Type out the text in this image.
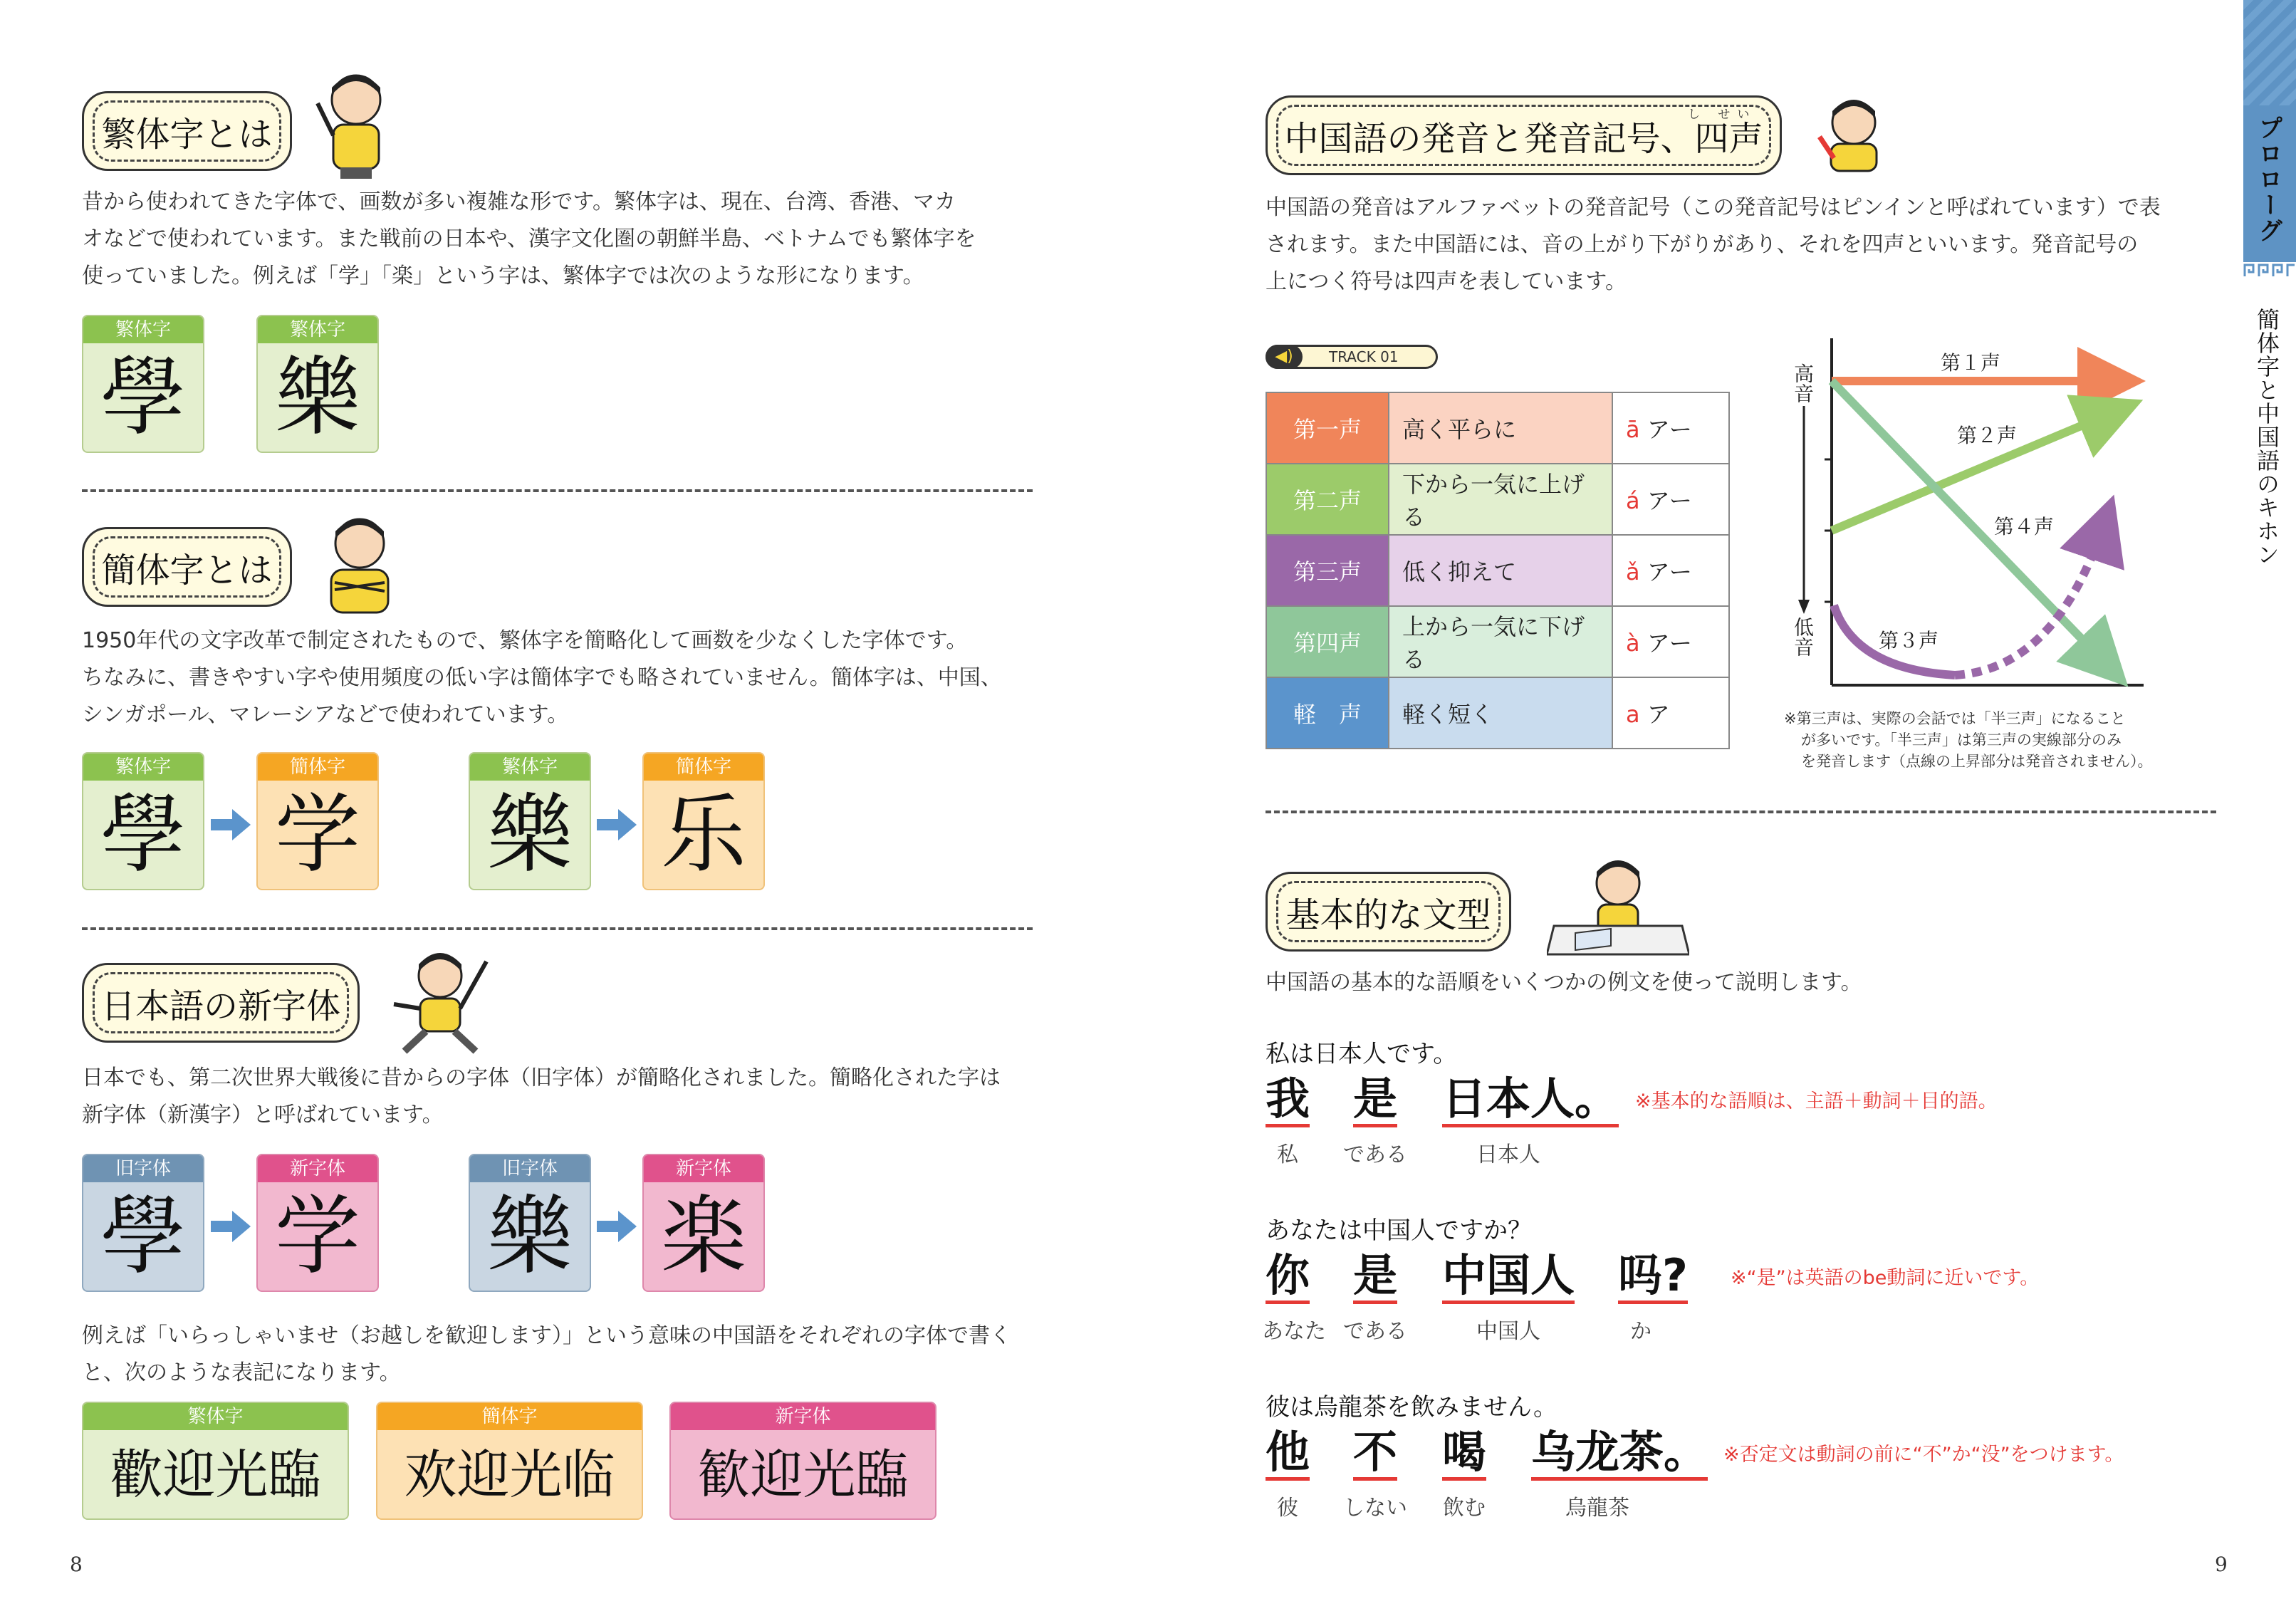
繁体字とは
昔から使われてきた字体で、画数が多い複雑な形です。繁体字は、現在、台湾、香港、マカ
オなどで使われています。また戦前の日本や、漢字文化圏の朝鮮半島、ベトナムでも繁体字を
使っていました。例えば「学」「楽」という字は、繁体字では次のような形になります。
繁体字
學
繁体字
樂
簡体字とは
1950年代の文字改革で制定されたもので、繁体字を簡略化して画数を少なくした字体です。
ちなみに、書きやすい字や使用頻度の低い字は簡体字でも略されていません。簡体字は、中国、
シンガポール、マレーシアなどで使われています。
繁体字
學
簡体字
学
繁体字
樂
簡体字
乐
日本語の新字体
日本でも、第二次世界大戦後に昔からの字体（旧字体）が簡略化されました。簡略化された字は
新字体（新漢字）と呼ばれています。
旧字体
學
新字体
学
旧字体
樂
新字体
楽
例えば「いらっしゃいませ（お越しを歓迎します）」という意味の中国語をそれぞれの字体で書く
と、次のような表記になります。
繁体字
歡迎光臨
簡体字
欢迎光临
新字体
歓迎光臨
8
中国語の発音と発音記号、四声
し せい
中国語の発音はアルファベットの発音記号（この発音記号はピンインと呼ばれています）で表
されます。また中国語には、音の上がり下がりがあり、それを四声といいます。発音記号の
上につく符号は四声を表しています。
◀)	TRACK 01
第一声	高く平らに	ā アー
第二声	下から一気に上げる	á アー
第三声	低く抑えて	ǎ アー
第四声	上から一気に下げる	à アー
軽　声	軽く短く	a ア
高音
低音
第１声
第２声
第４声
第３声
※第三声は、実際の会話では「半三声」になること
が多いです。「半三声」は第三声の実線部分のみ
を発音します（点線の上昇部分は発音されません）。
基本的な文型
中国語の基本的な語順をいくつかの例文を使って説明します。
私は日本人です。
我 是 日本人。
私	である	日本人
※基本的な語順は、主語＋動詞＋目的語。
あなたは中国人ですか？
你 是 中国人 吗?
あなた である	中国人	か
※“是”は英語のbe動詞に近いです。
彼は烏龍茶を飲みません。
他 不 喝 乌龙茶。
彼	しない	飲む	烏龍茶
※否定文は動詞の前に“不”か“没”をつけます。
9
プロローグ
簡体字と中国語のキホン
